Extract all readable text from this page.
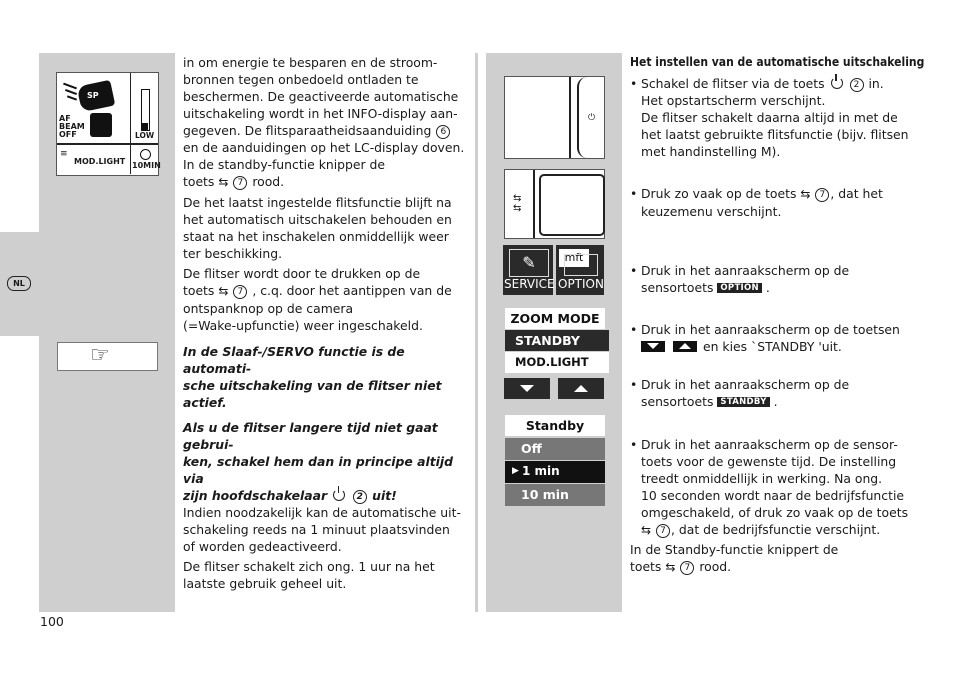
NL
SP
AF
BEAM
OFF	LOW
≡
MOD.LIGHT 10MIN
☞
in om energie te besparen en de stroom-
bronnen tegen onbedoeld ontladen te
beschermen. De geactiveerde automatische
uitschakeling wordt in het INFO-display aan-
gegeven. De flitsparaatheidsaanduiding 6
en de aanduidingen op het LC-display doven.
In de standby-functie knipper de
toets ⇆ 7 rood.
De het laatst ingestelde flitsfunctie blijft na
het automatisch uitschakelen behouden en
staat na het inschakelen onmiddellijk weer
ter beschikking.
De flitser wordt door te drukken op de
toets ⇆ 7 , c.q. door het aantippen van de
ontspanknop op de camera
(=Wake-upfunctie) weer ingeschakeld.
In de Slaaf-/SERVO functie is de automati-
sche uitschakeling van de flitser niet actief.
Als u de flitser langere tijd niet gaat gebrui-
ken, schakel hem dan in principe altijd via
zijn hoofdschakelaar	2 uit!
Indien noodzakelijk kan de automatische uit-
schakeling reeds na 1 minuut plaatsvinden
of worden gedeactiveerd.
De flitser schakelt zich ong. 1 uur na het
laatste gebruik geheel uit.
⏻
⇆
⇆
✎
SERVICE
mft
OPTION
ZOOM MODE
STANDBY
MOD.LIGHT
Standby
Off
▶ 1 min
10 min
Het instellen van de automatische uitschakeling
• Schakel de flitser via de toets	2 in.
Het opstartscherm verschijnt.
De flitser schakelt daarna altijd in met de
het laatst gebruikte flitsfunctie (bijv. flitsen
met handinstelling M).
• Druk zo vaak op de toets ⇆ 7 , dat het
keuzemenu verschijnt.
• Druk in het aanraakscherm op de
sensortoets OPTION .
• Druk in het aanraakscherm op de toetsen
en kies `STANDBY 'uit.
• Druk in het aanraakscherm op de
sensortoets STANDBY .
• Druk in het aanraakscherm op de sensor-
toets voor de gewenste tijd. De instelling
treedt onmiddellijk in werking. Na ong.
10 seconden wordt naar de bedrijfsfunctie
omgeschakeld, of druk zo vaak op de toets
⇆ 7 , dat de bedrijfsfunctie verschijnt.
In de Standby-functie knippert de
toets ⇆ 7 rood.
100
